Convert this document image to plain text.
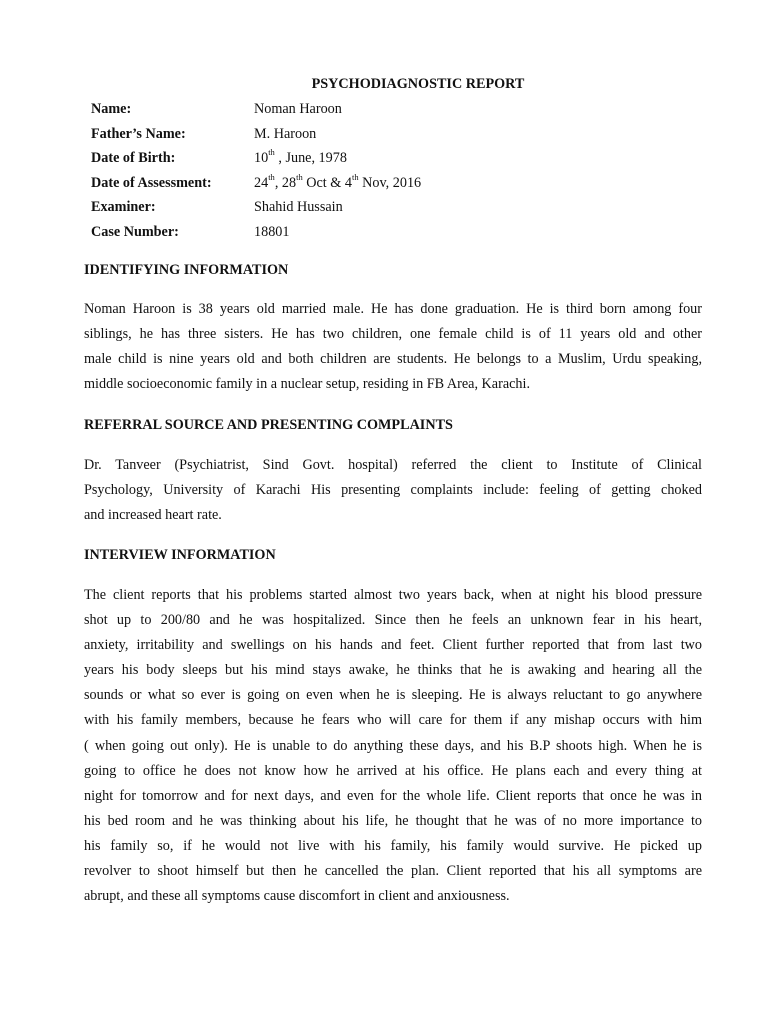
PSYCHODIAGNOSTIC REPORT
Name:	Noman Haroon
Father’s Name:	M. Haroon
Date of Birth:	10th , June, 1978
Date of Assessment:	24th, 28th Oct & 4th Nov, 2016
Examiner:	Shahid Hussain
Case Number:	18801
IDENTIFYING INFORMATION
Noman Haroon is 38 years old married male. He has done graduation. He is third born among four
siblings, he has three sisters. He has two children, one female child is of 11 years old and other
male child is nine years old and both children are students. He belongs to a Muslim, Urdu speaking,
middle socioeconomic family in a nuclear setup, residing in FB Area, Karachi.
REFERRAL SOURCE AND PRESENTING COMPLAINTS
Dr. Tanveer (Psychiatrist, Sind Govt. hospital) referred the client to Institute of Clinical
Psychology, University of Karachi His presenting complaints include: feeling of getting choked
and increased heart rate.
INTERVIEW INFORMATION
The client reports that his problems started almost two years back, when at night his blood pressure
shot up to 200/80 and he was hospitalized. Since then he feels an unknown fear in his heart,
anxiety, irritability and swellings on his hands and feet. Client further reported that from last two
years his body sleeps but his mind stays awake, he thinks that he is awaking and hearing all the
sounds or what so ever is going on even when he is sleeping. He is always reluctant to go anywhere
with his family members, because he fears who will care for them if any mishap occurs with him
( when going out only). He is unable to do anything these days, and his B.P shoots high. When he is
going to office he does not know how he arrived at his office. He plans each and every thing at
night for tomorrow and for next days, and even for the whole life. Client reports that once he was in
his bed room and he was thinking about his life, he thought that he was of no more importance to
his family so, if he would not live with his family, his family would survive. He picked up
revolver to shoot himself but then he cancelled the plan. Client reported that his all symptoms are
abrupt, and these all symptoms cause discomfort in client and anxiousness.
